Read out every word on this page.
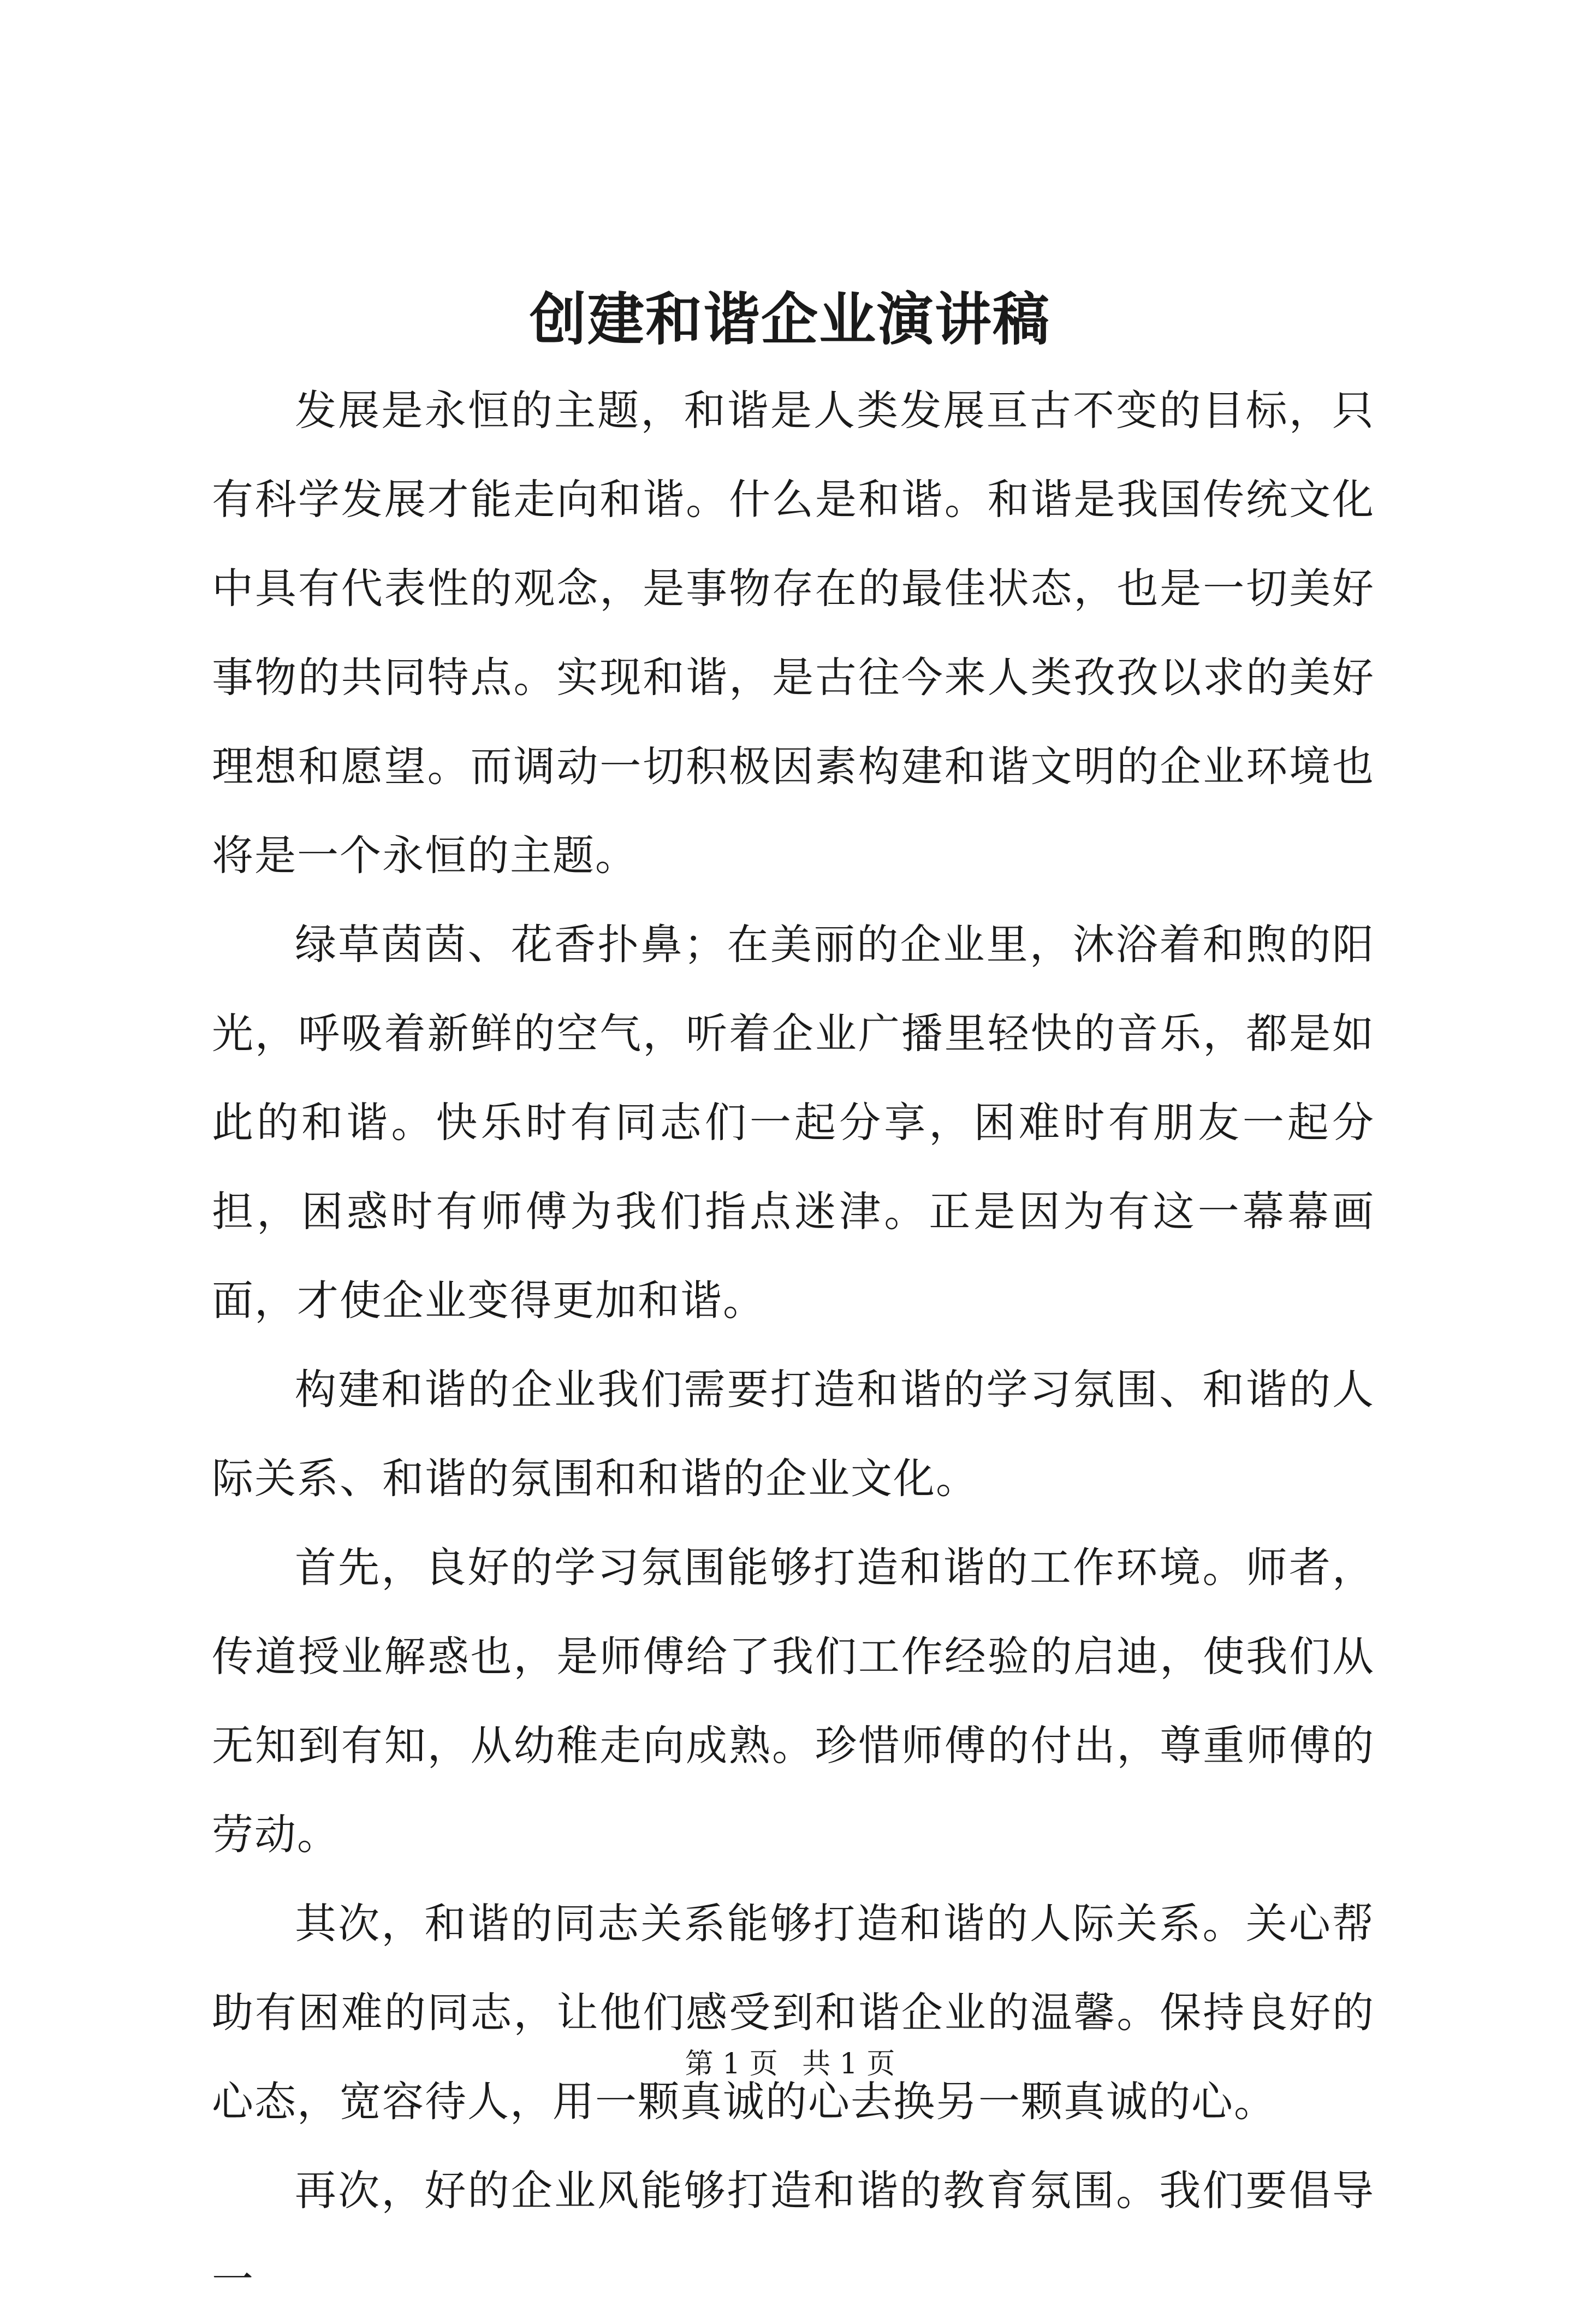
创建和谐企业演讲稿

发展是永恒的主题，和谐是人类发展亘古不变的目标，只有科学发展才能走向和谐。什么是和谐。和谐是我国传统文化中具有代表性的观念，是事物存在的最佳状态，也是一切美好事物的共同特点。实现和谐，是古往今来人类孜孜以求的美好理想和愿望。而调动一切积极因素构建和谐文明的企业环境也将是一个永恒的主题。

绿草茵茵、花香扑鼻；在美丽的企业里，沐浴着和煦的阳光，呼吸着新鲜的空气，听着企业广播里轻快的音乐，都是如此的和谐。快乐时有同志们一起分享，困难时有朋友一起分担，困惑时有师傅为我们指点迷津。正是因为有这一幕幕画面，才使企业变得更加和谐。

构建和谐的企业我们需要打造和谐的学习氛围、和谐的人际关系、和谐的氛围和和谐的企业文化。

首先，良好的学习氛围能够打造和谐的工作环境。师者，传道授业解惑也，是师傅给了我们工作经验的启迪，使我们从无知到有知，从幼稚走向成熟。珍惜师傅的付出，尊重师傅的劳动。

其次，和谐的同志关系能够打造和谐的人际关系。关心帮助有困难的同志，让他们感受到和谐企业的温馨。保持良好的心态，宽容待人，用一颗真诚的心去换另一颗真诚的心。

再次，好的企业风能够打造和谐的教育氛围。我们要倡导一

第 1 页 共 1 页
